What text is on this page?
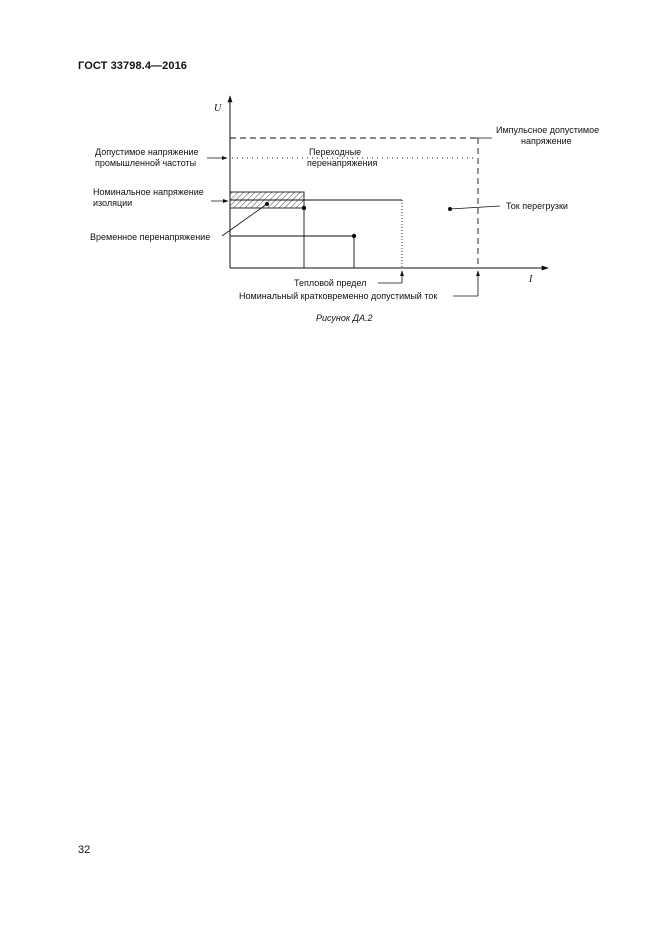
ГОСТ 33798.4—2016
U
I
Импульсное допустимое
напряжение
Допустимое напряжение
промышленной частоты
Переходные
перенапряжения
Номинальное напряжение
изоляции
Временное перенапряжение
Ток перегрузки
Тепловой предел
Номинальный кратковременно допустимый ток
Рисунок ДА.2
32
